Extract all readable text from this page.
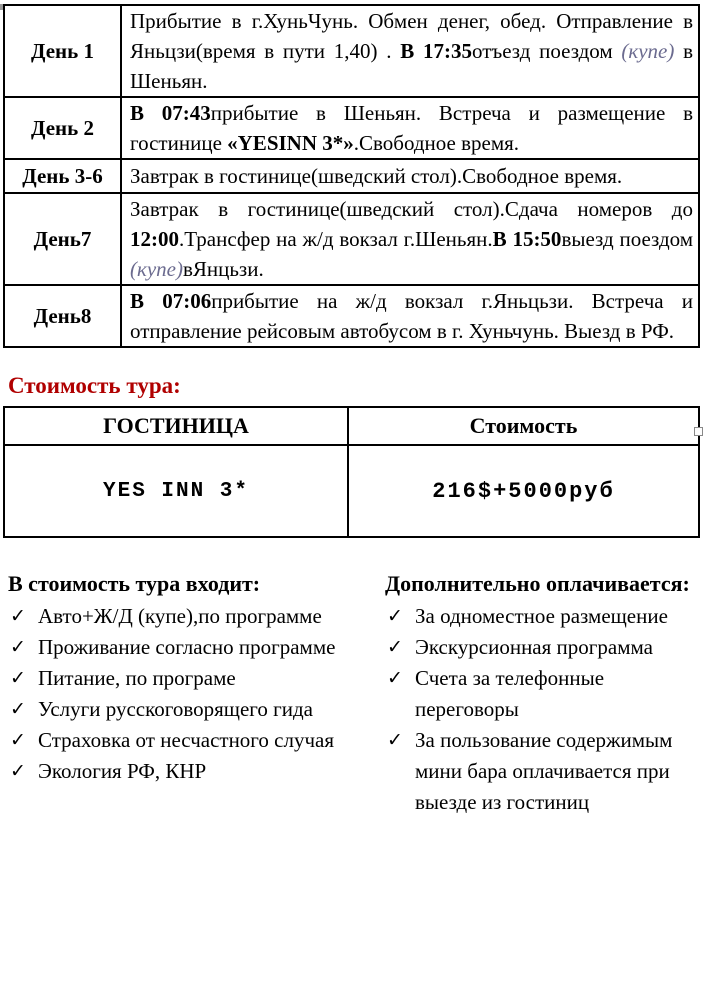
День 1	Прибытие в г.ХуньЧунь. Обмен денег, обед. Отправление в Яньцзи(время в пути 1,40) . В 17:35отъезд поездом (купе) в Шеньян.
День 2	В 07:43прибытие в Шеньян. Встреча и размещение в гостинице «YESINN 3*».Свободное время.
День 3-6	Завтрак в гостинице(шведский стол).Свободное время.
День7	Завтрак в гостинице(шведский стол).Сдача номеров до 12:00.Трансфер на ж/д вокзал г.Шеньян.В 15:50выезд поездом (купе)вЯнцьзи.
День8	В 07:06прибытие на ж/д вокзал г.Яньцьзи. Встреча и отправление рейсовым автобусом в г. Хуньчунь. Выезд в РФ.
Стоимость тура:
ГОСТИНИЦА	Стоимость
YES INN 3*	216$+5000руб
В стоимость тура входит:
✓ Авто+Ж/Д (купе),по программе
✓ Проживание согласно программе
✓ Питание, по програме
✓ Услуги русскоговорящего гида
✓ Страховка от несчастного случая
✓ Экология РФ, КНР
Дополнительно оплачивается:
✓ За одноместное размещение
✓ Экскурсионная программа
✓ Счета за телефонные переговоры
✓ За пользование содержимым мини бара оплачивается при выезде из гостиниц
